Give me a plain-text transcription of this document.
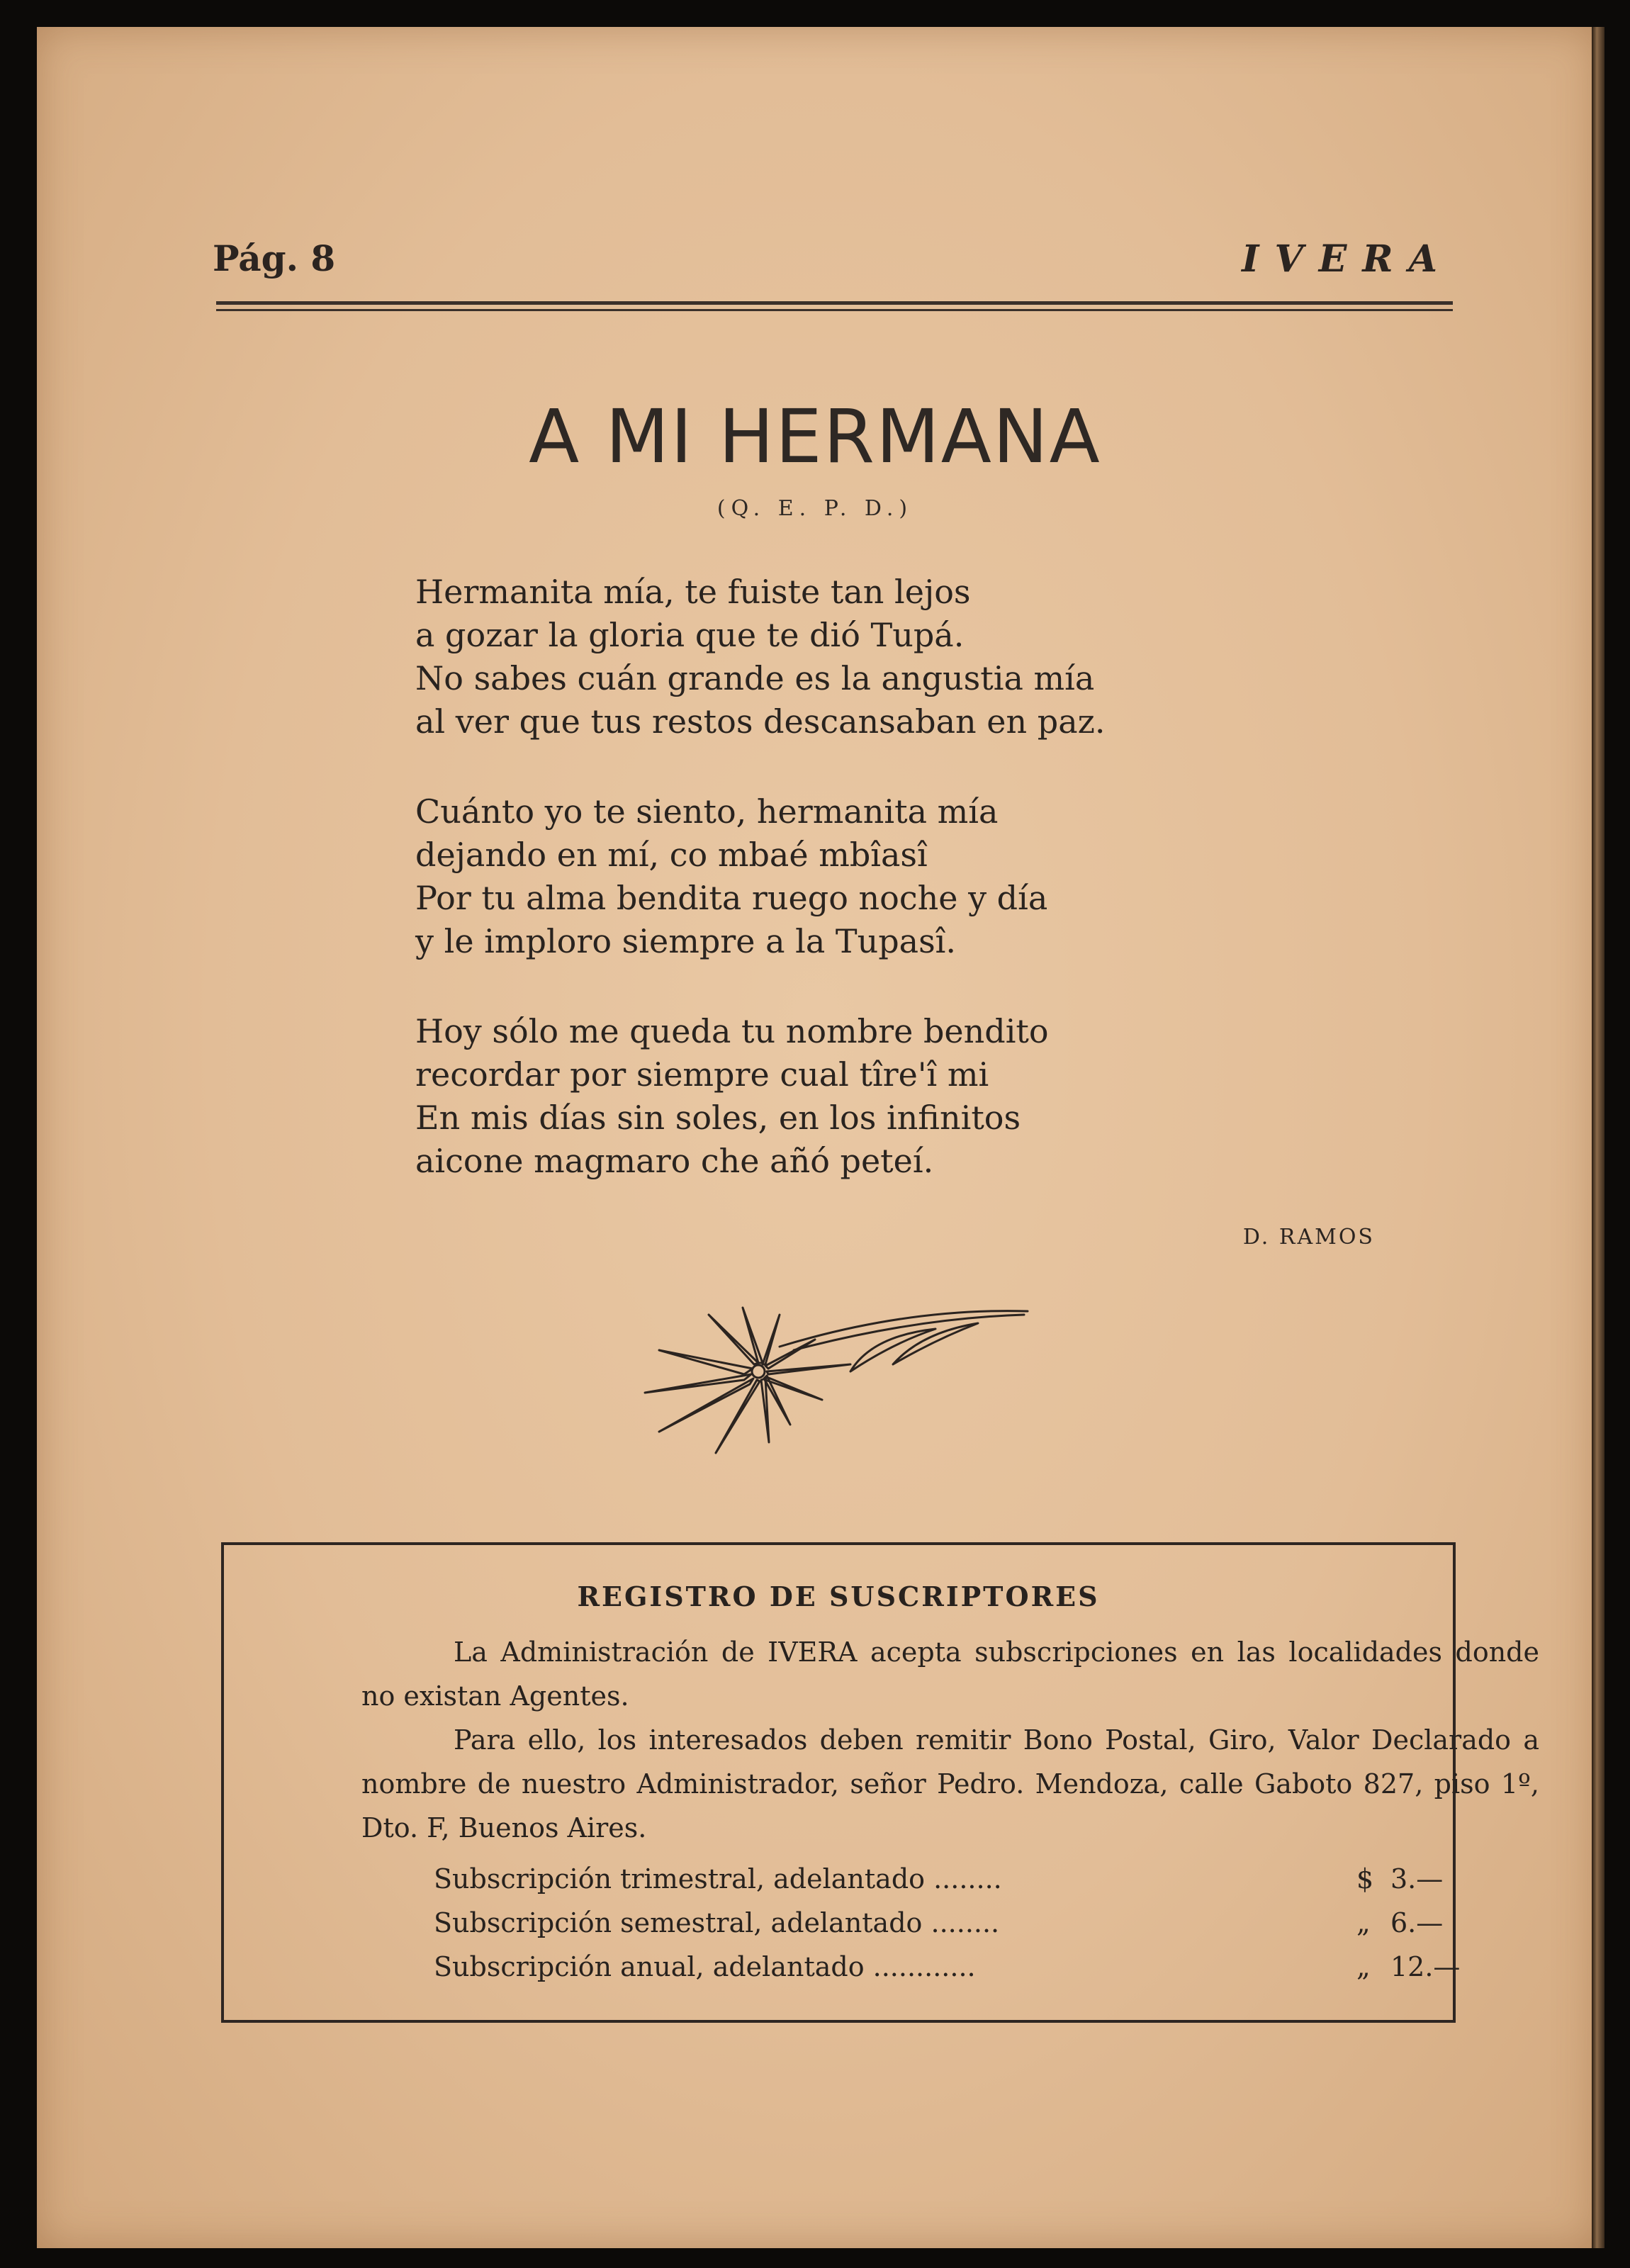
Pág. 8	IVERA
A MI HERMANA
(Q. E. P. D.)
Hermanita mía, te fuiste tan lejos
a gozar la gloria que te dió Tupá.
No sabes cuán grande es la angustia mía
al ver que tus restos descansaban en paz.
Cuánto yo te siento, hermanita mía
dejando en mí, co mbaé mbîasî
Por tu alma bendita ruego noche y día
y le imploro siempre a la Tupasî.
Hoy sólo me queda tu nombre bendito
recordar por siempre cual tîre'î mi
En mis días sin soles, en los infinitos
aicone magmaro che añó peteí.
D. RAMOS
REGISTRO DE SUSCRIPTORES

La Administración de IVERA acepta subscripciones en las localidades donde no existan Agentes.

Para ello, los interesados deben remitir Bono Postal, Giro, Valor Declarado a nombre de nuestro Administrador, señor Pedro. Mendoza, calle Gaboto 827, piso 1º, Dto. F, Buenos Aires.

Subscripción trimestral, adelantado ........	$ 3.—
Subscripción semestral, adelantado ........	„ 6.—
Subscripción anual, adelantado ............	„ 12.—
